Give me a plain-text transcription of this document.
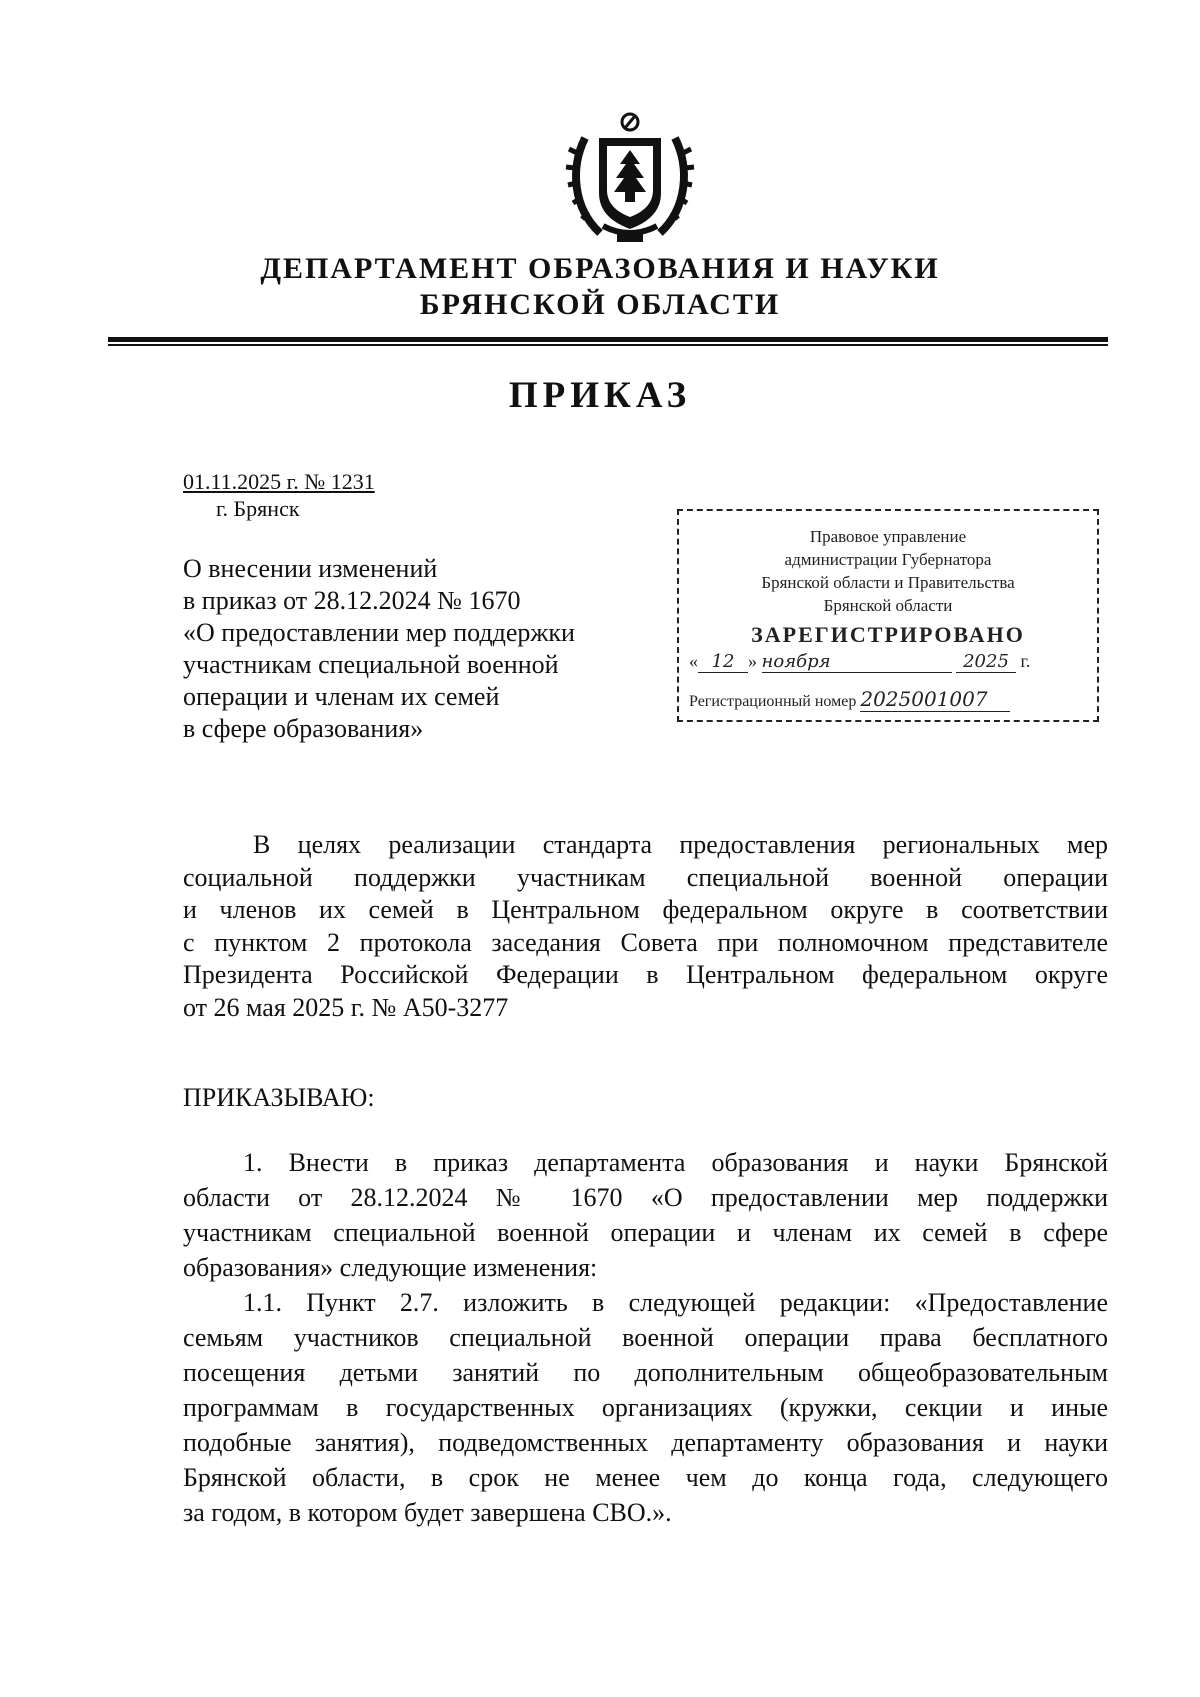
ДЕПАРТАМЕНТ ОБРАЗОВАНИЯ И НАУКИ
БРЯНСКОЙ ОБЛАСТИ
ПРИКАЗ
01.11.2025 г. № 1231
г. Брянск
О внесении изменений
в приказ от 28.12.2024 № 1670
«О предоставлении мер поддержки
участникам специальной военной
операции и членам их семей
в сфере образования»
Правовое управление
администрации Губернатора
Брянской области и Правительства
Брянской области
ЗАРЕГИСТРИРОВАНО
« 12 » ноября	2025 г.
Регистрационный номер 2025001007
В целях реализации стандарта предоставления региональных мер
социальной поддержки участникам специальной военной операции
и членов их семей в Центральном федеральном округе в соответствии
с пунктом 2 протокола заседания Совета при полномочном представителе
Президента Российской Федерации в Центральном федеральном округе
от 26 мая 2025 г. № А50-3277
ПРИКАЗЫВАЮ:
1. Внести в приказ департамента образования и науки Брянской
области от 28.12.2024 № 1670 «О предоставлении мер поддержки
участникам специальной военной операции и членам их семей в сфере
образования» следующие изменения:
1.1. Пункт 2.7. изложить в следующей редакции: «Предоставление
семьям участников специальной военной операции права бесплатного
посещения детьми занятий по дополнительным общеобразовательным
программам в государственных организациях (кружки, секции и иные
подобные занятия), подведомственных департаменту образования и науки
Брянской области, в срок не менее чем до конца года, следующего
за годом, в котором будет завершена СВО.».
